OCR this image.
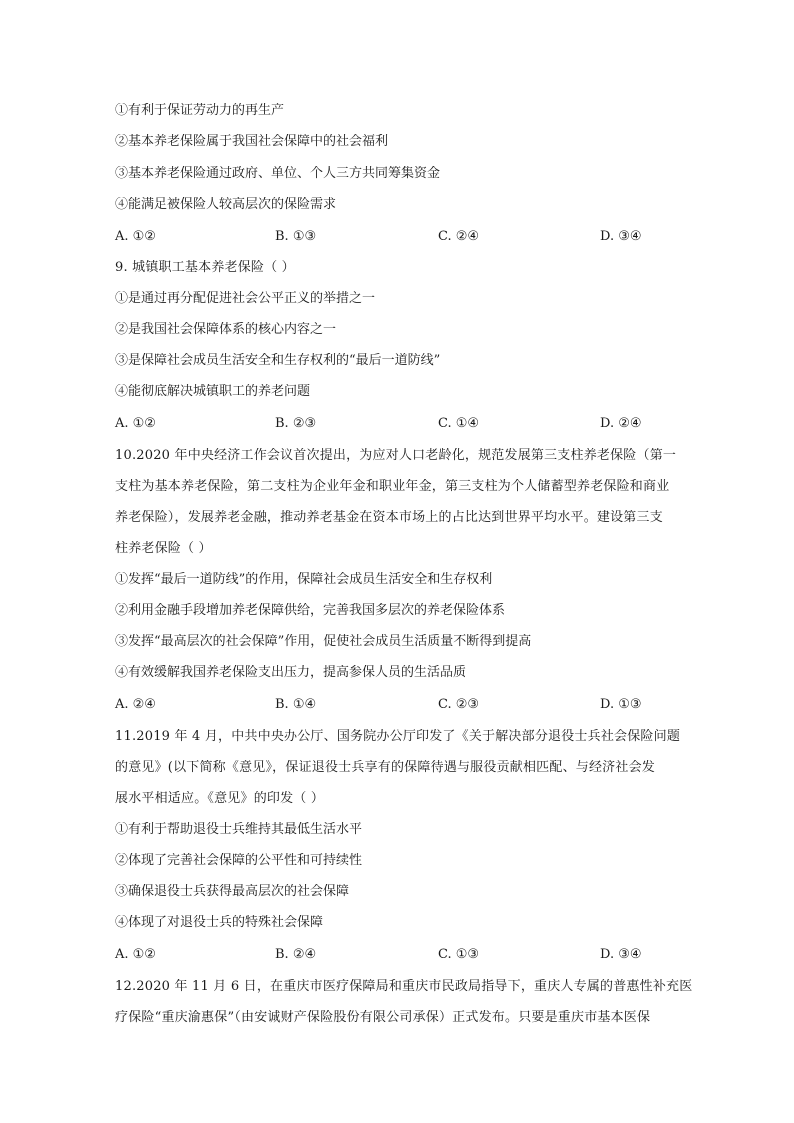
①有利于保证劳动力的再生产
②基本养老保险属于我国社会保障中的社会福利
③基本养老保险通过政府、单位、个人三方共同筹集资金
④能满足被保险人较高层次的保险需求
A. ①②	B. ①③	C. ②④	D. ③④
9. 城镇职工基本养老保险（ ）
①是通过再分配促进社会公平正义的举措之一
②是我国社会保障体系的核心内容之一
③是保障社会成员生活安全和生存权利的“最后一道防线”
④能彻底解决城镇职工的养老问题
A. ①②	B. ②③	C. ①④	D. ②④
10.2020 年中央经济工作会议首次提出，为应对人口老龄化，规范发展第三支柱养老保险（第一
支柱为基本养老保险，第二支柱为企业年金和职业年金，第三支柱为个人储蓄型养老保险和商业
养老保险），发展养老金融，推动养老基金在资本市场上的占比达到世界平均水平。建设第三支
柱养老保险（ ）
①发挥“最后一道防线”的作用，保障社会成员生活安全和生存权利
②利用金融手段增加养老保障供给，完善我国多层次的养老保险体系
③发挥“最高层次的社会保障”作用，促使社会成员生活质量不断得到提高
④有效缓解我国养老保险支出压力，提高参保人员的生活品质
A. ②④	B. ①④	C. ②③	D. ①③
11.2019 年 4 月，中共中央办公厅、国务院办公厅印发了《关于解决部分退役士兵社会保险问题
的意见》(以下简称《意见》，保证退役士兵享有的保障待遇与服役贡献相匹配、与经济社会发
展水平相适应。《意见》的印发（ ）
①有利于帮助退役士兵维持其最低生活水平
②体现了完善社会保障的公平性和可持续性
③确保退役士兵获得最高层次的社会保障
④体现了对退役士兵的特殊社会保障
A. ①②	B. ②④	C. ①③	D. ③④
12.2020 年 11 月 6 日，在重庆市医疗保障局和重庆市民政局指导下，重庆人专属的普惠性补充医
疗保险“重庆渝惠保”（由安诚财产保险股份有限公司承保）正式发布。只要是重庆市基本医保
